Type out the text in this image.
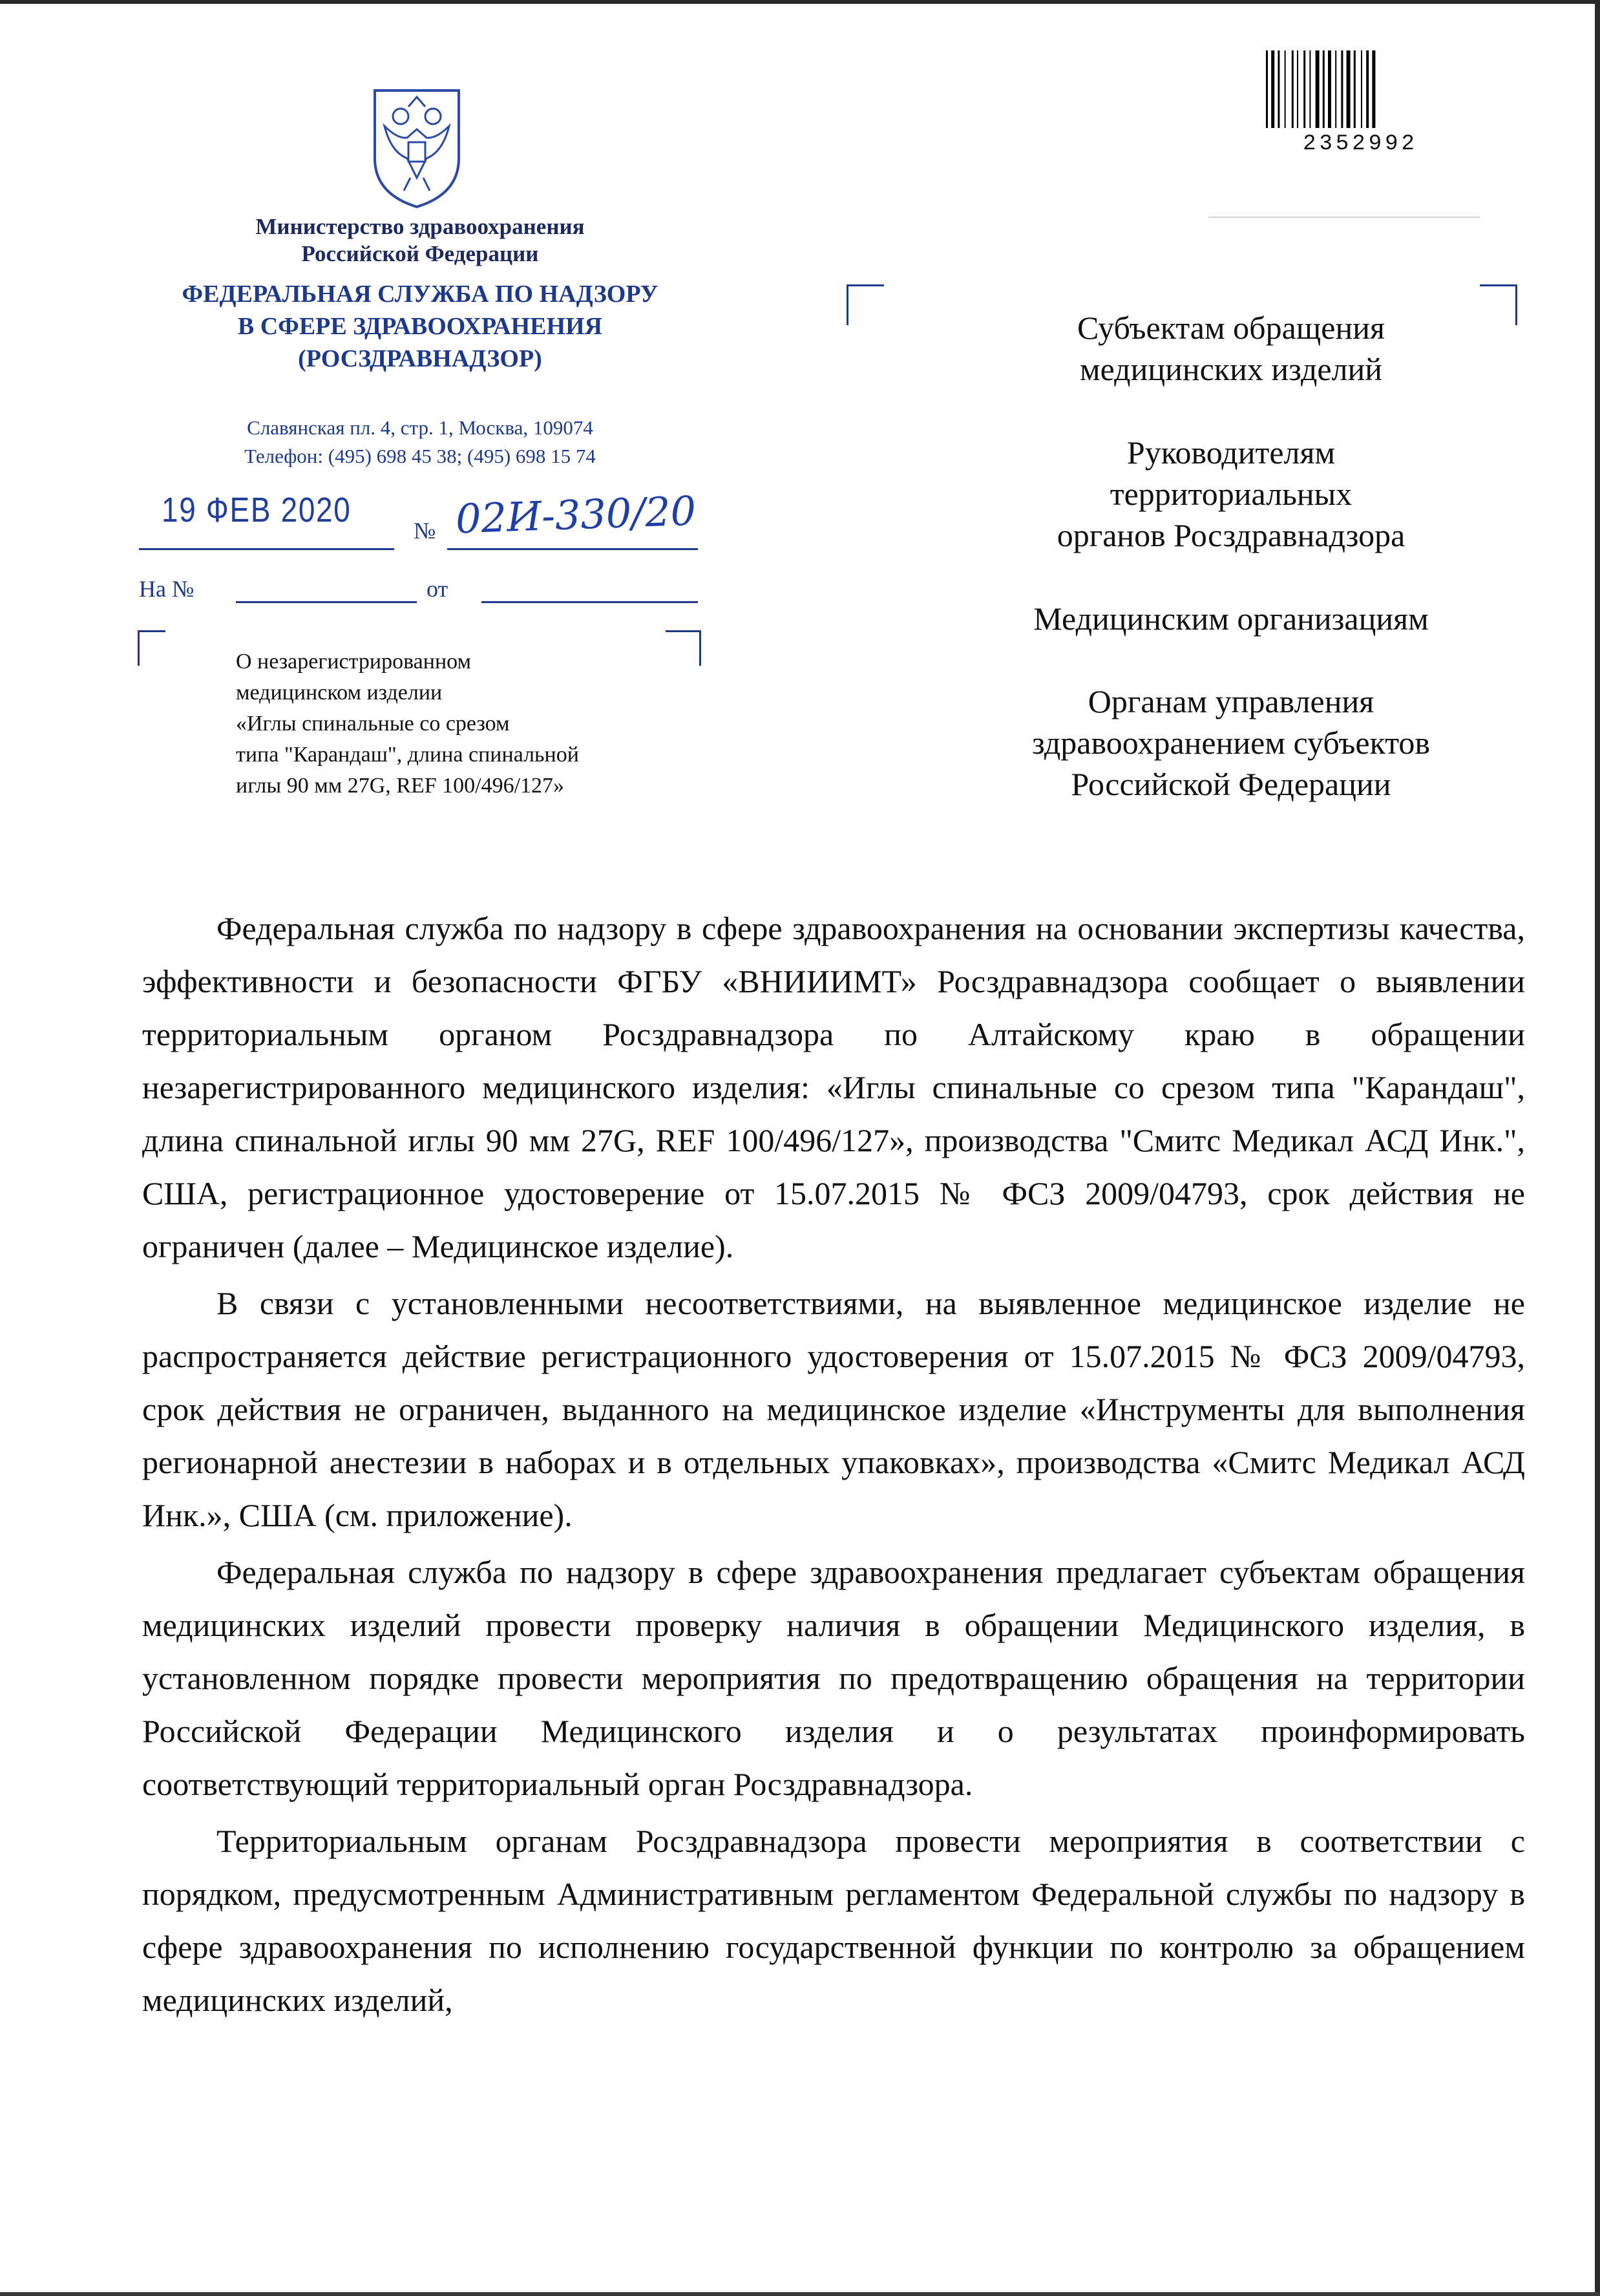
Министерство здравоохранения
Российской Федерации
ФЕДЕРАЛЬНАЯ СЛУЖБА ПО НАДЗОРУ
В СФЕРЕ ЗДРАВООХРАНЕНИЯ
(РОСЗДРАВНАДЗОР)
Славянская пл. 4, стр. 1, Москва, 109074
Телефон: (495) 698 45 38; (495) 698 15 74
19 ФЕВ 2020
№ 02И-330/20
На №	от
О незарегистрированном
медицинском изделии
«Иглы спинальные со срезом
типа "Карандаш", длина спинальной
иглы 90 мм 27G, REF 100/496/127»
Субъектам обращения
медицинских изделий
Руководителям
территориальных
органов Росздравнадзора
Медицинским организациям
Органам управления
здравоохранением субъектов
Российской Федерации
2352992

Федеральная служба по надзору в сфере здравоохранения на основании экспертизы качества, эффективности и безопасности ФГБУ «ВНИИИМТ» Росздравнадзора сообщает о выявлении территориальным органом Росздравнадзора по Алтайскому краю в обращении незарегистрированного медицинского изделия: «Иглы спинальные со срезом типа "Карандаш", длина спинальной иглы 90 мм 27G, REF 100/496/127», производства "Смитс Медикал АСД Инк.", США, регистрационное удостоверение от 15.07.2015 № ФСЗ 2009/04793, срок действия не ограничен (далее – Медицинское изделие).

В связи с установленными несоответствиями, на выявленное медицинское изделие не распространяется действие регистрационного удостоверения от 15.07.2015 № ФСЗ 2009/04793, срок действия не ограничен, выданного на медицинское изделие «Инструменты для выполнения регионарной анестезии в наборах и в отдельных упаковках», производства «Смитс Медикал АСД Инк.», США (см. приложение).

Федеральная служба по надзору в сфере здравоохранения предлагает субъектам обращения медицинских изделий провести проверку наличия в обращении Медицинского изделия, в установленном порядке провести мероприятия по предотвращению обращения на территории Российской Федерации Медицинского изделия и о результатах проинформировать соответствующий территориальный орган Росздравнадзора.

Территориальным органам Росздравнадзора провести мероприятия в соответствии с порядком, предусмотренным Административным регламентом Федеральной службы по надзору в сфере здравоохранения по исполнению государственной функции по контролю за обращением медицинских изделий,
